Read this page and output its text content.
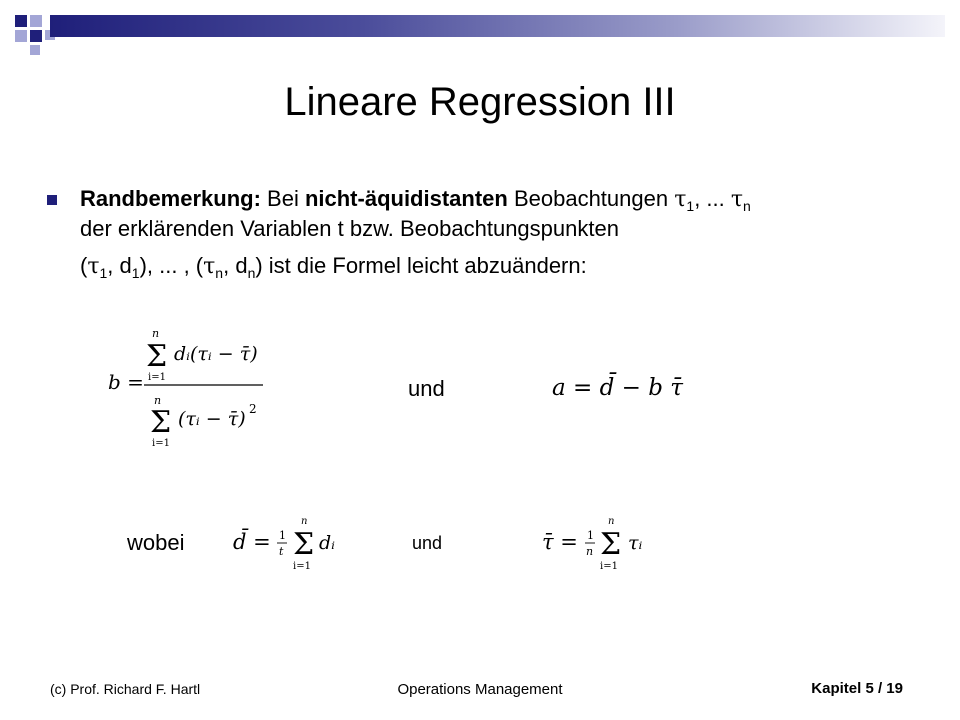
Lineare Regression III
Randbemerkung: Bei nicht-äquidistanten Beobachtungen $\tau_1$, ... $\tau_n$
der erklärenden Variablen t bzw. Beobachtungspunkten
($\tau_1$, $d_1$), ... , ($\tau_n$, $d_n$) ist die Formel leicht abzuändern:
b =
n
Σ
i=1
dᵢ(τᵢ − τ̄)
n
Σ
i=1
(τᵢ − τ̄) 2
und	a = d̄ − b τ̄
wobei d̄ = 1
t
n
Σ
i=1
dᵢ	und	τ̄ = 1
n
n
Σ
i=1
τᵢ
(c) Prof. Richard F. Hartl	Operations Management	Kapitel 5 / 19
